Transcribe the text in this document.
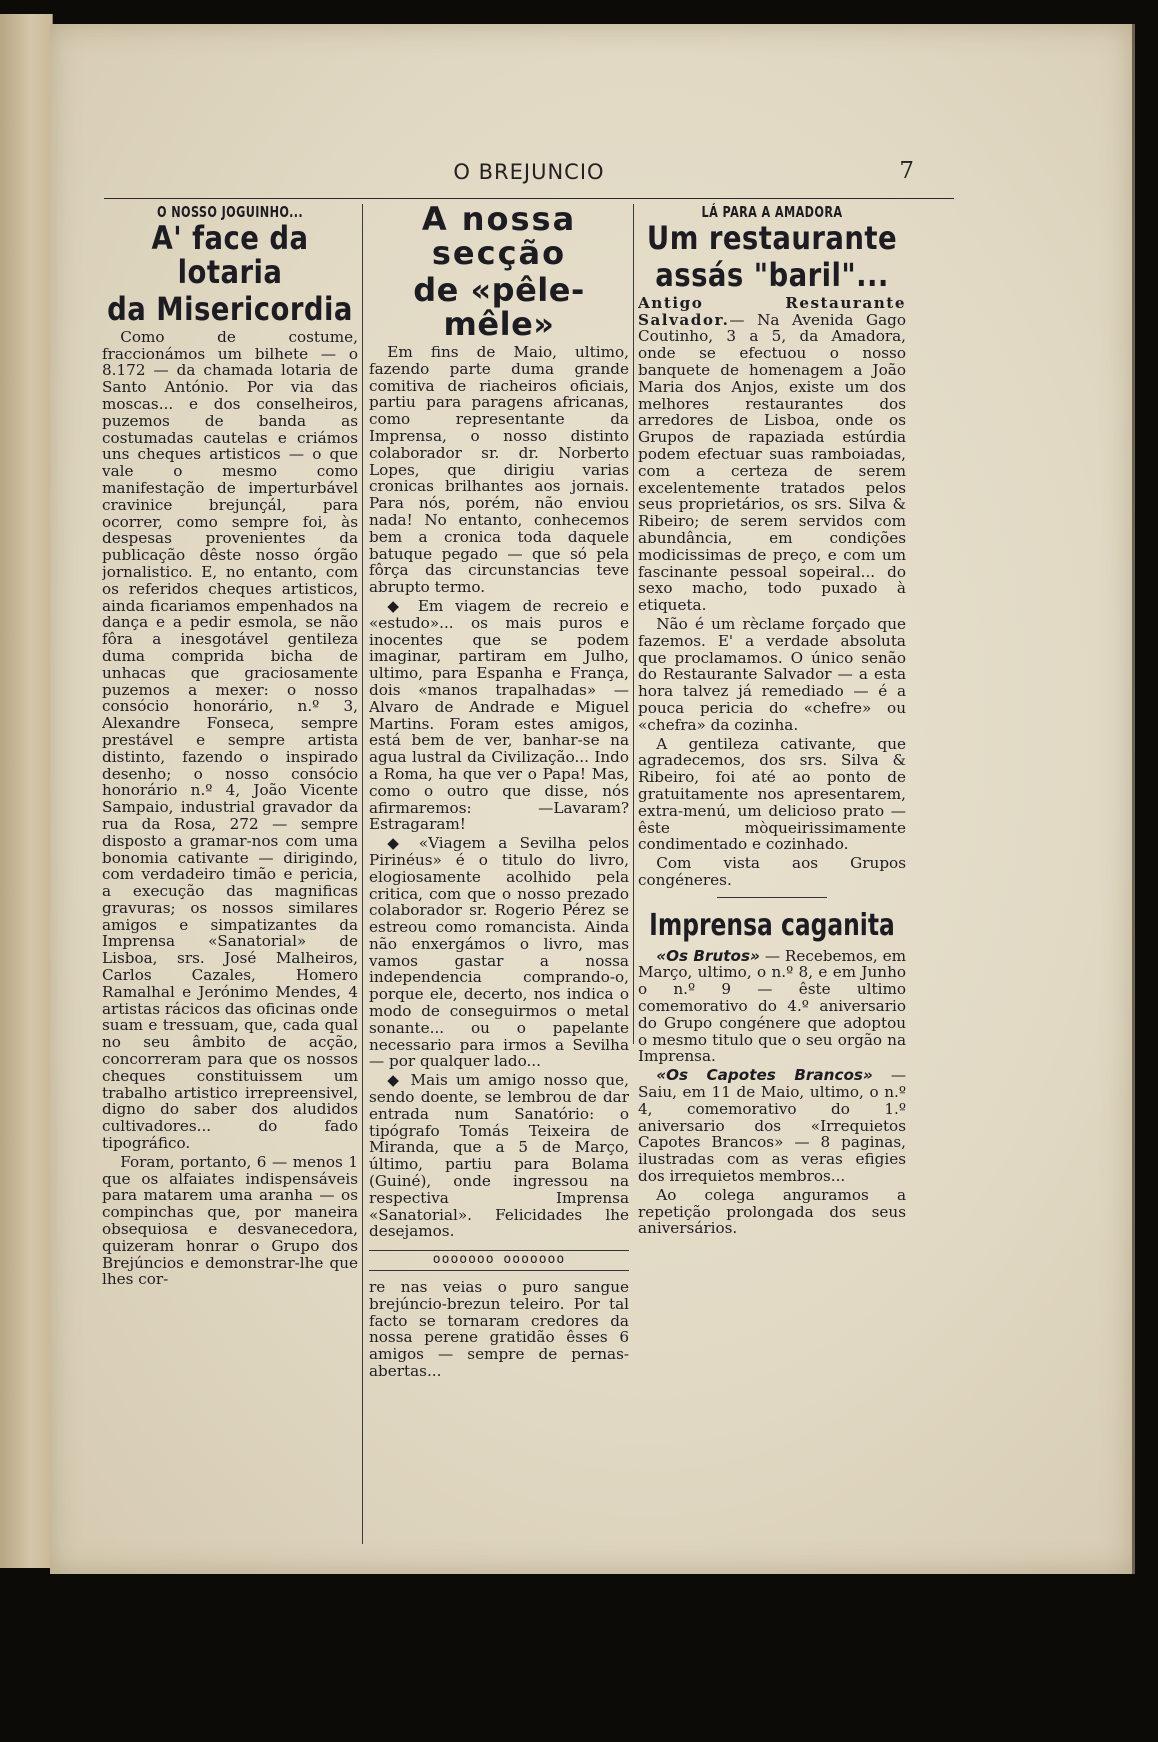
O BREJUNCIO	7
O NOSSO JOGUINHO...
A' face da lotaria
da Misericordia

Como de costume, fraccionámos um bilhete — o 8.172 — da chamada lotaria de Santo António. Por via das moscas... e dos conselheiros, puzemos de banda as costumadas cautelas e criámos uns cheques artisticos — o que vale o mesmo como manifestação de imperturbável cravinice brejunçál, para ocorrer, como sempre foi, às despesas provenientes da publicação dêste nosso órgão jornalistico. E, no entanto, com os referidos cheques artisticos, ainda ficariamos empenhados na dança e a pedir esmola, se não fôra a inesgotável gentileza duma comprida bicha de unhacas que graciosamente puzemos a mexer: o nosso consócio honorário, n.º 3, Alexandre Fonseca, sempre prestável e sempre artista distinto, fazendo o inspirado desenho; o nosso consócio honorário n.º 4, João Vicente Sampaio, industrial gravador da rua da Rosa, 272 — sempre disposto a gramar-nos com uma bonomia cativante — dirigindo, com verdadeiro timão e pericia, a execução das magnificas gravuras; os nossos similares amigos e simpatizantes da Imprensa «Sanatorial» de Lisboa, srs. José Malheiros, Carlos Cazales, Homero Ramalhal e Jerónimo Mendes, 4 artistas rácicos das oficinas onde suam e tressuam, que, cada qual no seu âmbito de acção, concorreram para que os nossos cheques constituissem um trabalho artistico irrepreensivel, digno do saber dos aludidos cultivadores... do fado tipográfico.

Foram, portanto, 6 — menos 1 que os alfaiates indispensáveis para matarem uma aranha — os compinchas que, por maneira obsequiosa e desvanecedora, quizeram honrar o Grupo dos Brejúncios e demonstrar-lhe que lhes cor-

A nossa secção
de «pêle-mêle»

Em fins de Maio, ultimo, fazendo parte duma grande comitiva de riacheiros oficiais, partiu para paragens africanas, como representante da Imprensa, o nosso distinto colaborador sr. dr. Norberto Lopes, que dirigiu varias cronicas brilhantes aos jornais. Para nós, porém, não enviou nada! No entanto, conhecemos bem a cronica toda daquele batuque pegado — que só pela fôrça das circunstancias teve abrupto termo.

◆ Em viagem de recreio e «estudo»... os mais puros e inocentes que se podem imaginar, partiram em Julho, ultimo, para Espanha e França, dois «manos trapalhadas» — Alvaro de Andrade e Miguel Martins. Foram estes amigos, está bem de ver, banhar-se na agua lustral da Civilização... Indo a Roma, ha que ver o Papa! Mas, como o outro que disse, nós afirmaremos: —Lavaram? Estragaram!

◆ «Viagem a Sevilha pelos Pirinéus» é o titulo do livro, elogiosamente acolhido pela critica, com que o nosso prezado colaborador sr. Rogerio Pérez se estreou como romancista. Ainda não enxergámos o livro, mas vamos gastar a nossa independencia comprando-o, porque ele, decerto, nos indica o modo de conseguirmos o metal sonante... ou o papelante necessario para irmos a Sevilha — por qualquer lado...

◆ Mais um amigo nosso que, sendo doente, se lembrou de dar entrada num Sanatório: o tipógrafo Tomás Teixeira de Miranda, que a 5 de Março, último, partiu para Bolama (Guiné), onde ingressou na respectiva Imprensa «Sanatorial». Felicidades lhe desejamos.

ooooooo ooooooo

re nas veias o puro sangue brejúncio-brezun teleiro. Por tal facto se tornaram credores da nossa perene gratidão êsses 6 amigos — sempre de pernas-abertas...

LÁ PARA A AMADORA
Um restaurante
assás "baril"...

Antigo Restaurante Salvador.— Na Avenida Gago Coutinho, 3 a 5, da Amadora, onde se efectuou o nosso banquete de homenagem a João Maria dos Anjos, existe um dos melhores restaurantes dos arredores de Lisboa, onde os Grupos de rapaziada estúrdia podem efectuar suas ramboiadas, com a certeza de serem excelentemente tratados pelos seus proprietários, os srs. Silva & Ribeiro; de serem servidos com abundância, em condições modicissimas de preço, e com um fascinante pessoal sopeiral... do sexo macho, todo puxado à etiqueta.

Não é um rèclame forçado que fazemos. E' a verdade absoluta que proclamamos. O único senão do Restaurante Salvador — a esta hora talvez já remediado — é a pouca pericia do «chefre» ou «chefra» da cozinha.

A gentileza cativante, que agradecemos, dos srs. Silva & Ribeiro, foi até ao ponto de gratuitamente nos apresentarem, extra-menú, um delicioso prato — êste mòqueirissimamente condimentado e cozinhado.

Com vista aos Grupos congéneres.

Imprensa caganita

«Os Brutos» — Recebemos, em Março, ultimo, o n.º 8, e em Junho o n.º 9 — êste ultimo comemorativo do 4.º aniversario do Grupo congénere que adoptou o mesmo titulo que o seu orgão na Imprensa.

«Os Capotes Brancos» — Saiu, em 11 de Maio, ultimo, o n.º 4, comemorativo do 1.º aniversario dos «Irrequietos Capotes Brancos» — 8 paginas, ilustradas com as veras efigies dos irrequietos membros...

Ao colega anguramos a repetição prolongada dos seus aniversários.
